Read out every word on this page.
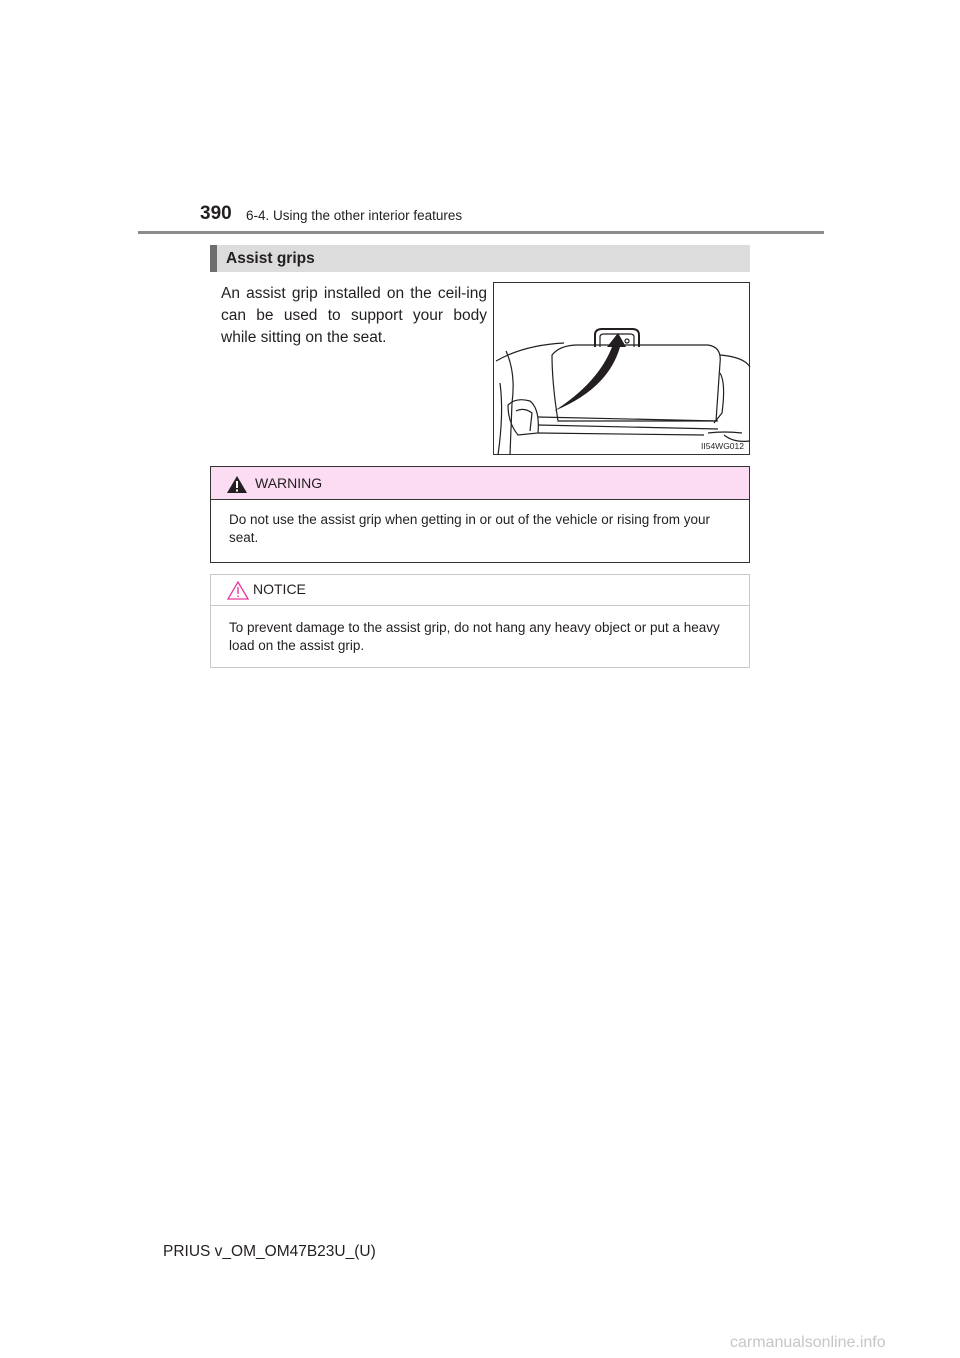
390 6-4. Using the other interior features
Assist grips
An assist grip installed on the ceil-ing can be used to support your body while sitting on the seat.
II54WG012
WARNING
Do not use the assist grip when getting in or out of the vehicle or rising from your seat.
NOTICE
To prevent damage to the assist grip, do not hang any heavy object or put a heavy load on the assist grip.
PRIUS v_OM_OM47B23U_(U)
carmanualsonline.info
